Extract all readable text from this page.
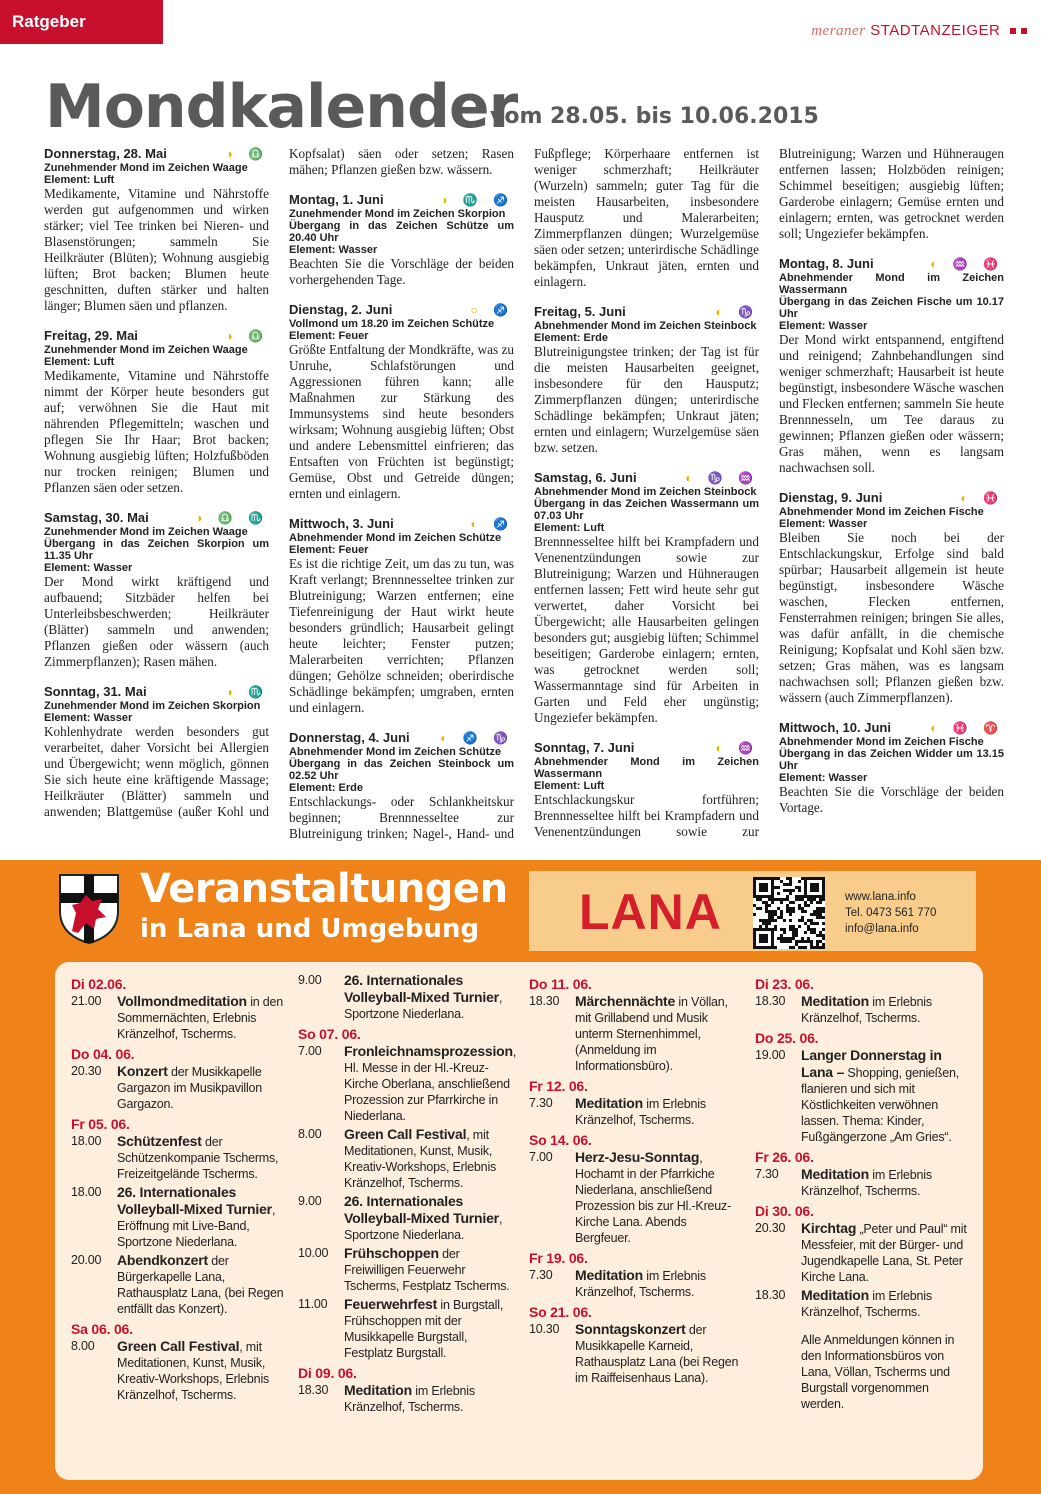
Ratgeber	meraner STADTANZEIGER
Mondkalender
vom 28.05. bis 10.06.2015
Donnerstag, 28. Mai	◑ ♎
Zunehmender Mond im Zeichen Waage
Element: Luft

Medikamente, Vitamine und Nährstoffe werden gut aufgenommen und wirken stärker; viel Tee trinken bei Nieren- und Blasenstörungen; sammeln Sie Heilkräuter (Blüten); Wohnung ausgiebig lüften; Brot backen; Blumen heute geschnitten, duften stärker und halten länger; Blumen säen und pflanzen.

Freitag, 29. Mai	◑ ♎
Zunehmender Mond im Zeichen Waage
Element: Luft

Medikamente, Vitamine und Nährstoffe nimmt der Körper heute besonders gut auf; verwöhnen Sie die Haut mit nährenden Pflegemitteln; waschen und pflegen Sie Ihr Haar; Brot backen; Wohnung ausgiebig lüften; Holzfußböden nur trocken reinigen; Blumen und Pflanzen säen oder setzen.

Samstag, 30. Mai	◑ ♎ ♏
Zunehmender Mond im Zeichen Waage
Übergang in das Zeichen Skorpion um 11.35 Uhr
Element: Wasser

Der Mond wirkt kräftigend und aufbauend; Sitzbäder helfen bei Unterleibsbeschwerden; Heilkräuter (Blätter) sammeln und anwenden; Pflanzen gießen oder wässern (auch Zimmerpflanzen); Rasen mähen.

Sonntag, 31. Mai	◑ ♏
Zunehmender Mond im Zeichen Skorpion
Element: Wasser

Kohlenhydrate werden besonders gut verarbeitet, daher Vorsicht bei Allergien und Übergewicht; wenn möglich, gönnen Sie sich heute eine kräftigende Massage; Heilkräuter (Blätter) sammeln und anwenden; Blattgemüse (außer Kohl und Kopfsalat) säen oder setzen; Rasen mähen; Pflanzen gießen bzw. wässern.

Montag, 1. Juni	◑ ♏ ♐
Zunehmender Mond im Zeichen Skorpion
Übergang in das Zeichen Schütze um 20.40 Uhr
Element: Wasser

Beachten Sie die Vorschläge der beiden vorhergehenden Tage.

Dienstag, 2. Juni	○ ♐
Vollmond um 18.20 im Zeichen Schütze
Element: Feuer

Größte Entfaltung der Mondkräfte, was zu Unruhe, Schlafstörungen und Aggressionen führen kann; alle Maßnahmen zur Stärkung des Immunsystems sind heute besonders wirksam; Wohnung ausgiebig lüften; Obst und andere Lebensmittel einfrieren; das Entsaften von Früchten ist begünstigt; Gemüse, Obst und Getreide düngen; ernten und einlagern.

Mittwoch, 3. Juni	◐ ♐
Abnehmender Mond im Zeichen Schütze
Element: Feuer

Es ist die richtige Zeit, um das zu tun, was Kraft verlangt; Brennnesseltee trinken zur Blutreinigung; Warzen entfernen; eine Tiefenreinigung der Haut wirkt heute besonders gründlich; Hausarbeit gelingt heute leichter; Fenster putzen; Malerarbeiten verrichten; Pflanzen düngen; Gehölze schneiden; oberirdische Schädlinge bekämpfen; umgraben, ernten und einlagern.

Donnerstag, 4. Juni	◐ ♐ ♑
Abnehmender Mond im Zeichen Schütze
Übergang in das Zeichen Steinbock um 02.52 Uhr
Element: Erde

Entschlackungs- oder Schlankheitskur beginnen; Brennnesseltee zur Blutreinigung trinken; Nagel-, Hand- und Fußpflege; Körperhaare entfernen ist weniger schmerzhaft; Heilkräuter (Wurzeln) sammeln; guter Tag für die meisten Hausarbeiten, insbesondere Hausputz und Malerarbeiten; Zimmerpflanzen düngen; Wurzelgemüse säen oder setzen; unterirdische Schädlinge bekämpfen, Unkraut jäten, ernten und einlagern.

Freitag, 5. Juni	◐ ♑
Abnehmender Mond im Zeichen Steinbock
Element: Erde

Blutreinigungstee trinken; der Tag ist für die meisten Hausarbeiten geeignet, insbesondere für den Hausputz; Zimmerpflanzen düngen; unterirdische Schädlinge bekämpfen; Unkraut jäten; ernten und einlagern; Wurzelgemüse säen bzw. setzen.

Samstag, 6. Juni	◐ ♑ ♒
Abnehmender Mond im Zeichen Steinbock
Übergang in das Zeichen Wassermann um 07.03 Uhr
Element: Luft

Brennnesseltee hilft bei Krampfadern und Venenentzündungen sowie zur Blutreinigung; Warzen und Hühneraugen entfernen lassen; Fett wird heute sehr gut verwertet, daher Vorsicht bei Übergewicht; alle Hausarbeiten gelingen besonders gut; ausgiebig lüften; Schimmel beseitigen; Garderobe einlagern; ernten, was getrocknet werden soll; Wassermanntage sind für Arbeiten in Garten und Feld eher ungünstig; Ungeziefer bekämpfen.

Sonntag, 7. Juni	◐ ♒
Abnehmender Mond im Zeichen Wassermann
Element: Luft

Entschlackungskur fortführen; Brennnesseltee hilft bei Krampfadern und Venenentzündungen sowie zur Blutreinigung; Warzen und Hühneraugen entfernen lassen; Holzböden reinigen; Schimmel beseitigen; ausgiebig lüften; Garderobe einlagern; Gemüse ernten und einlagern; ernten, was getrocknet werden soll; Ungeziefer bekämpfen.

Montag, 8. Juni	◐ ♒ ♓
Abnehmender Mond im Zeichen Wassermann
Übergang in das Zeichen Fische um 10.17 Uhr
Element: Wasser

Der Mond wirkt entspannend, entgiftend und reinigend; Zahnbehandlungen sind weniger schmerzhaft; Hausarbeit ist heute begünstigt, insbesondere Wäsche waschen und Flecken entfernen; sammeln Sie heute Brennnesseln, um Tee daraus zu gewinnen; Pflanzen gießen oder wässern; Gras mähen, wenn es langsam nachwachsen soll.

Dienstag, 9. Juni	◐ ♓
Abnehmender Mond im Zeichen Fische
Element: Wasser

Bleiben Sie noch bei der Entschlackungskur, Erfolge sind bald spürbar; Hausarbeit allgemein ist heute begünstigt, insbesondere Wäsche waschen, Flecken entfernen, Fensterrahmen reinigen; bringen Sie alles, was dafür anfällt, in die chemische Reinigung; Kopfsalat und Kohl säen bzw. setzen; Gras mähen, was es langsam nachwachsen soll; Pflanzen gießen bzw. wässern (auch Zimmerpflanzen).

Mittwoch, 10. Juni	◐ ♓ ♈
Abnehmender Mond im Zeichen Fische
Übergang in das Zeichen Widder um 13.15 Uhr
Element: Wasser

Beachten Sie die Vorschläge der beiden Vortage.

Veranstaltungen
in Lana und Umgebung LANA	www.lana.info
Tel. 0473 561 770
info@lana.info
Di 02.06.
21.00	Vollmondmeditation in den Sommernächten, Erlebnis Kränzelhof, Tscherms.
Do 04. 06.
20.30	Konzert der Musikkapelle Gargazon im Musikpavillon Gargazon.
Fr 05. 06.
18.00	Schützenfest der Schützenkompanie Tscherms, Freizeitgelände Tscherms.
18.00	26. Internationales Volleyball-Mixed Turnier, Eröffnung mit Live-Band, Sportzone Niederlana.
20.00	Abendkonzert der Bürgerkapelle Lana, Rathausplatz Lana, (bei Regen entfällt das Konzert).
Sa 06. 06.
8.00	Green Call Festival, mit Meditationen, Kunst, Musik, Kreativ-Workshops, Erlebnis Kränzelhof, Tscherms.
9.00	26. Internationales Volleyball-Mixed Turnier, Sportzone Niederlana.
So 07. 06.
7.00	Fronleichnamsprozession, Hl. Messe in der Hl.-Kreuz-Kirche Oberlana, anschließend Prozession zur Pfarrkirche in Niederlana.
8.00	Green Call Festival, mit Meditationen, Kunst, Musik, Kreativ-Workshops, Erlebnis Kränzelhof, Tscherms.
9.00	26. Internationales Volleyball-Mixed Turnier, Sportzone Niederlana.
10.00	Frühschoppen der Freiwilligen Feuerwehr Tscherms, Festplatz Tscherms.
11.00	Feuerwehrfest in Burgstall, Frühschoppen mit der Musikkapelle Burgstall, Festplatz Burgstall.
Di 09. 06.
18.30	Meditation im Erlebnis Kränzelhof, Tscherms.
Do 11. 06.
18.30	Märchennächte in Völlan, mit Grillabend und Musik unterm Sternenhimmel, (Anmeldung im Informationsbüro).
Fr 12. 06.
7.30	Meditation im Erlebnis Kränzelhof, Tscherms.
So 14. 06.
7.00	Herz-Jesu-Sonntag, Hochamt in der Pfarrkiche Niederlana, anschließend Prozession bis zur Hl.-Kreuz-Kirche Lana. Abends Bergfeuer.
Fr 19. 06.
7.30	Meditation im Erlebnis Kränzelhof, Tscherms.
So 21. 06.
10.30	Sonntagskonzert der Musikkapelle Karneid, Rathausplatz Lana (bei Regen im Raiffeisenhaus Lana).
Di 23. 06.
18.30	Meditation im Erlebnis Kränzelhof, Tscherms.
Do 25. 06.
19.00	Langer Donnerstag in Lana – Shopping, genießen, flanieren und sich mit Köstlichkeiten verwöhnen lassen. Thema: Kinder, Fußgängerzone „Am Gries“.
Fr 26. 06.
7.30	Meditation im Erlebnis Kränzelhof, Tscherms.
Di 30. 06.
20.30	Kirchtag „Peter und Paul“ mit Messfeier, mit der Bürger- und Jugendkapelle Lana, St. Peter Kirche Lana.
18.30	Meditation im Erlebnis Kränzelhof, Tscherms.
Alle Anmeldungen können in den Informationsbüros von Lana, Völlan, Tscherms und Burgstall vorgenommen werden.
